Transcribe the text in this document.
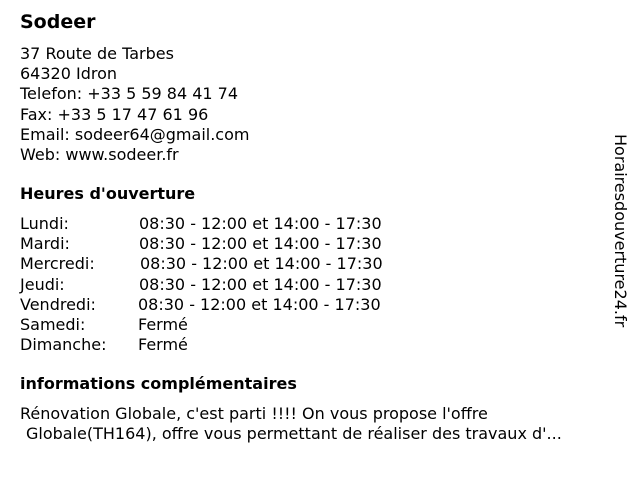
Sodeer
37 Route de Tarbes
64320 Idron
Telefon: +33 5 59 84 41 74
Fax: +33 5 17 47 61 96
Email: sodeer64@gmail.com
Web: www.sodeer.fr
Heures d'ouverture
Lundi:	08:30 - 12:00 et 14:00 - 17:30
Mardi:	08:30 - 12:00 et 14:00 - 17:30
Mercredi:	08:30 - 12:00 et 14:00 - 17:30
Jeudi:	08:30 - 12:00 et 14:00 - 17:30
Vendredi:	08:30 - 12:00 et 14:00 - 17:30
Samedi:	Fermé
Dimanche: Fermé
informations complémentaires
Rénovation Globale, c'est parti !!!! On vous propose l'offre
Globale(TH164), offre vous permettant de réaliser des travaux d'...
Horairesdouverture24.fr
